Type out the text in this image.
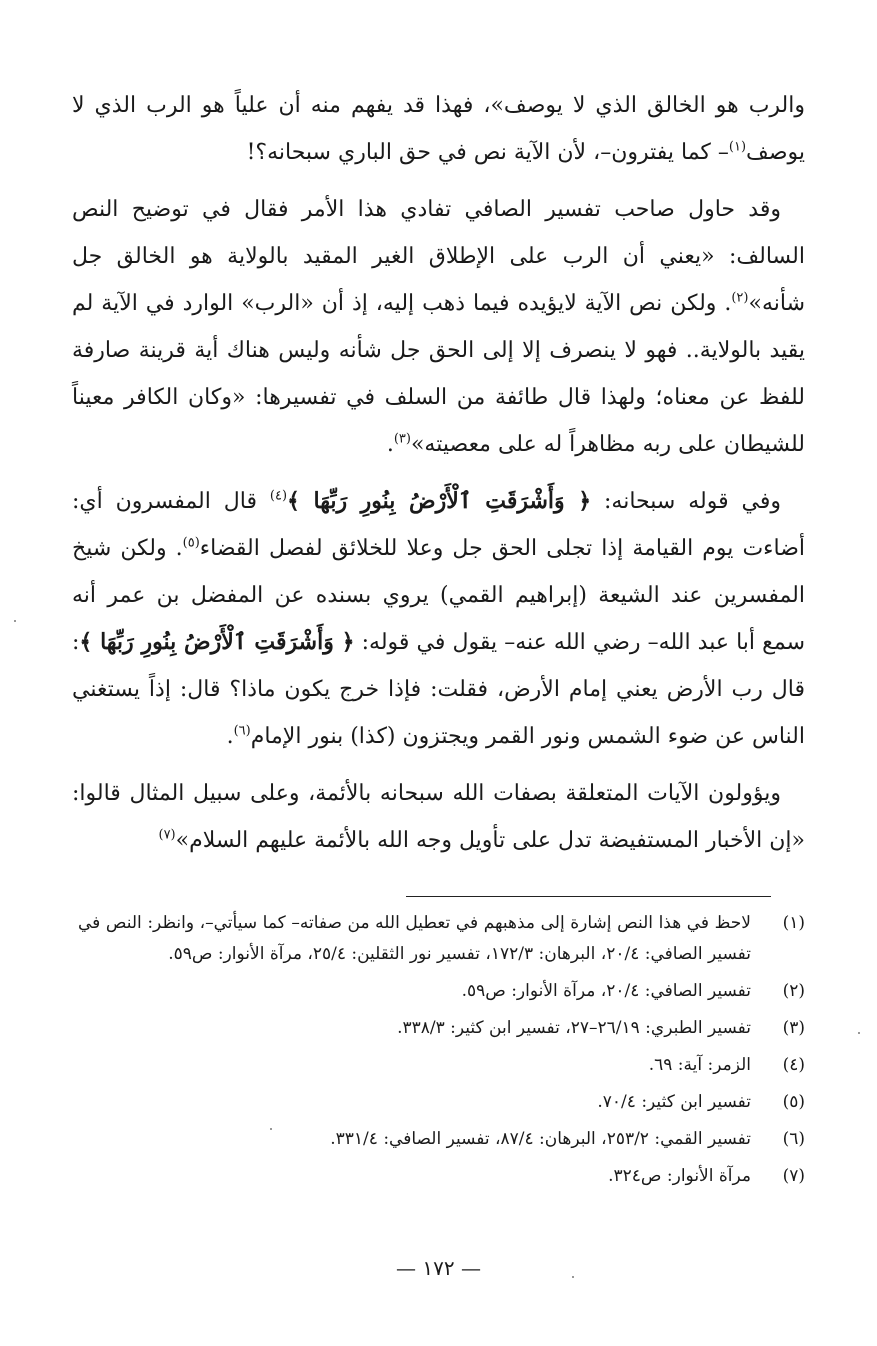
والرب هو الخالق الذي لا يوصف»، فهذا قد يفهم منه أن علياً هو الرب الذي لا يوصف$^{(١)}$– كما يفترون–، لأن الآية نص في حق الباري سبحانه؟!

وقد حاول صاحب تفسير الصافي تفادي هذا الأمر فقال في توضيح النص السالف: «يعني أن الرب على الإطلاق الغير المقيد بالولاية هو الخالق جل شأنه»$^{(٢)}$. ولكن نص الآية لايؤيده فيما ذهب إليه، إذ أن «الرب» الوارد في الآية لم يقيد بالولاية.. فهو لا ينصرف إلا إلى الحق جل شأنه وليس هناك أية قرينة صارفة للفظ عن معناه؛ ولهذا قال طائفة من السلف في تفسيرها: «وكان الكافر معيناً للشيطان على ربه مظاهراً له على معصيته»$^{(٣)}$.

وفي قوله سبحانه: ﴿ وَأَشْرَقَتِ ٱلْأَرْضُ بِنُورِ رَبِّهَا ﴾$^{(٤)}$ قال المفسرون أي: أضاءت يوم القيامة إذا تجلى الحق جل وعلا للخلائق لفصل القضاء$^{(٥)}$. ولكن شيخ المفسرين عند الشيعة (إبراهيم القمي) يروي بسنده عن المفضل بن عمر أنه سمع أبا عبد الله– رضي الله عنه– يقول في قوله: ﴿ وَأَشْرَقَتِ ٱلْأَرْضُ بِنُورِ رَبِّهَا ﴾: قال رب الأرض يعني إمام الأرض، فقلت: فإذا خرج يكون ماذا؟ قال: إذاً يستغني الناس عن ضوء الشمس ونور القمر ويجتزون (كذا) بنور الإمام$^{(٦)}$.

ويؤولون الآيات المتعلقة بصفات الله سبحانه بالأئمة، وعلى سبيل المثال قالوا: «إن الأخبار المستفيضة تدل على تأويل وجه الله بالأئمة عليهم السلام»$^{(٧)}$

(١)
لاحظ في هذا النص إشارة إلى مذهبهم في تعطيل الله من صفاته– كما سيأتي–، وانظر: النص في تفسير الصافي: ٢٠/٤، البرهان: ١٧٢/٣، تفسير نور الثقلين: ٢٥/٤، مرآة الأنوار: ص٥٩.
(٢)
تفسير الصافي: ٢٠/٤، مرآة الأنوار: ص٥٩.
(٣)
تفسير الطبري: ٢٦/١٩–٢٧، تفسير ابن كثير: ٣٣٨/٣.
(٤)
الزمر: آية: ٦٩.
(٥)
تفسير ابن كثير: ٧٠/٤.
(٦)
تفسير القمي: ٢٥٣/٢، البرهان: ٨٧/٤، تفسير الصافي: ٣٣١/٤.
(٧)
مرآة الأنوار: ص٣٢٤.
— ١٧٢ —
